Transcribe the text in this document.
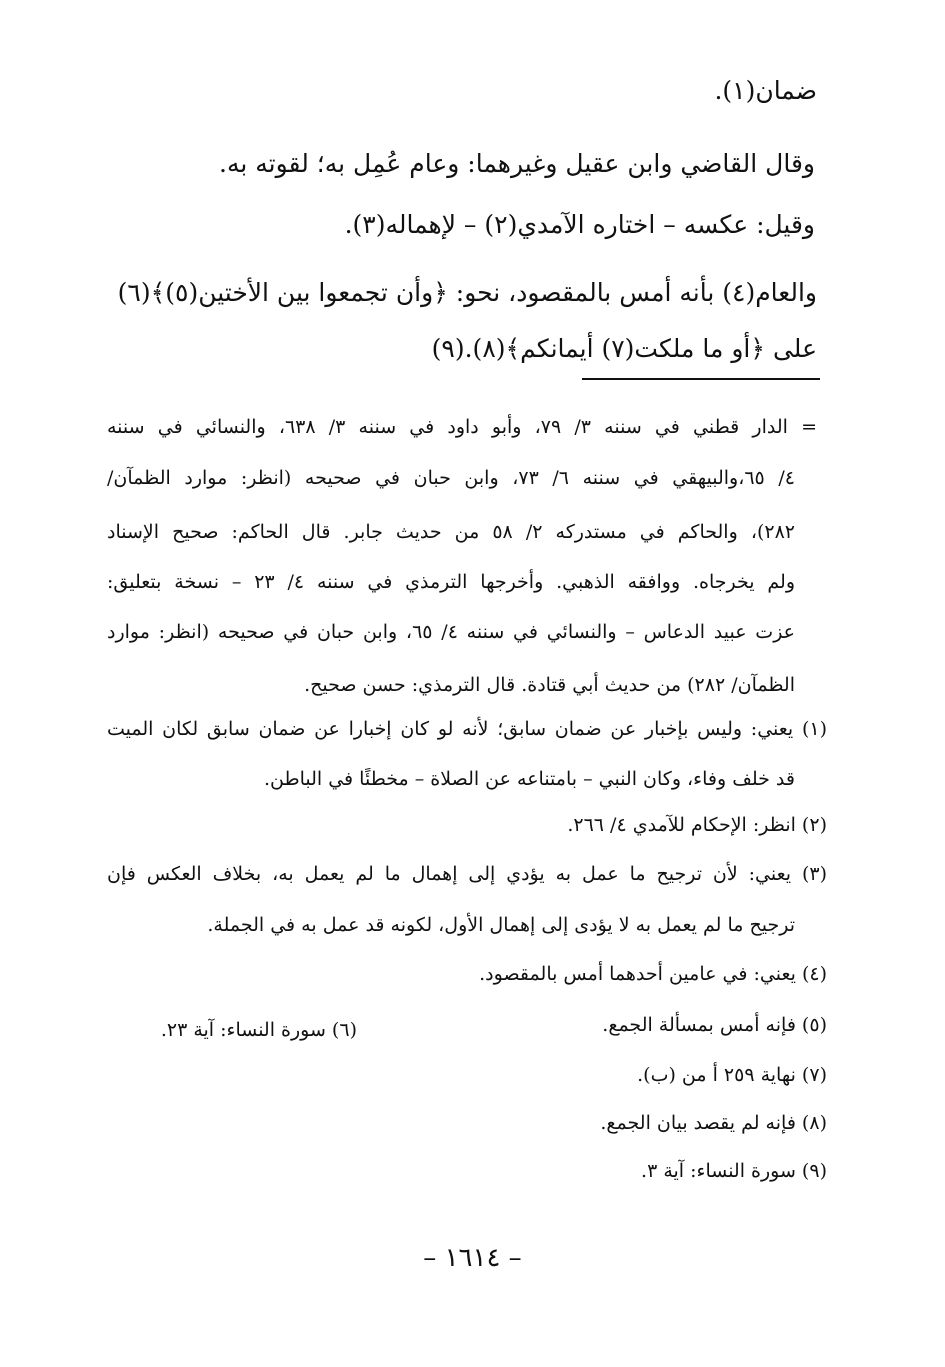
ضمان(١).
وقال القاضي وابن عقيل وغيرهما: وعام عُمِل به؛ لقوته به.
وقيل: عكسه – اختاره الآمدي(٢) – لإهماله(٣).
والعام(٤) بأنه أمس بالمقصود، نحو: ﴿وأن تجمعوا بين الأختين(٥)﴾(٦)
على ﴿أو ما ملكت(٧) أيمانكم﴾(٨).(٩)
= الدار قطني في سننه ٣/ ٧٩، وأبو داود في سننه ٣/ ٦٣٨، والنسائي في سننه
٤/ ٦٥،والبيهقي في سننه ٦/ ٧٣، وابن حبان في صحيحه (انظر: موارد الظمآن/
٢٨٢)، والحاكم في مستدركه ٢/ ٥٨ من حديث جابر. قال الحاكم: صحيح الإسناد
ولم يخرجاه. ووافقه الذهبي. وأخرجها الترمذي في سننه ٤/ ٢٣ – نسخة بتعليق:
عزت عبيد الدعاس – والنسائي في سننه ٤/ ٦٥، وابن حبان في صحيحه (انظر: موارد
الظمآن/ ٢٨٢) من حديث أبي قتادة. قال الترمذي: حسن صحيح.
(١) يعني: وليس بإخبار عن ضمان سابق؛ لأنه لو كان إخبارا عن ضمان سابق لكان الميت
قد خلف وفاء، وكان النبي – بامتناعه عن الصلاة – مخطئًا في الباطن.
(٢) انظر: الإحكام للآمدي ٤/ ٢٦٦.
(٣) يعني: لأن ترجيح ما عمل به يؤدي إلى إهمال ما لم يعمل به، بخلاف العكس فإن
ترجيح ما لم يعمل به لا يؤدى إلى إهمال الأول، لكونه قد عمل به في الجملة.
(٤) يعني: في عامين أحدهما أمس بالمقصود.
(٥) فإنه أمس بمسألة الجمع.
(٦) سورة النساء: آية ٢٣.
(٧) نهاية ٢٥٩ أ من (ب).
(٨) فإنه لم يقصد بيان الجمع.
(٩) سورة النساء: آية ٣.
– ١٦١٤ –
